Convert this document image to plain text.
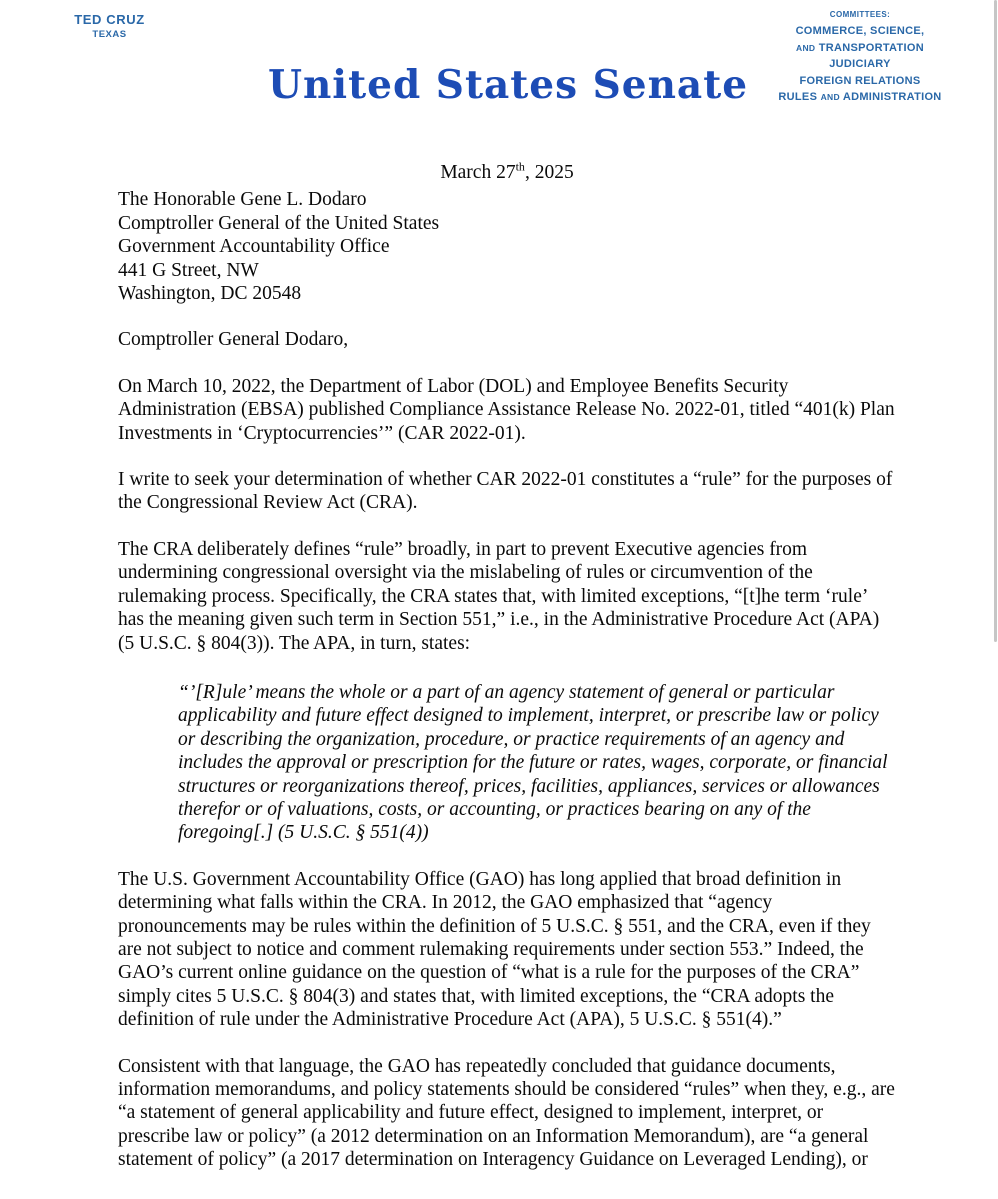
TED CRUZ
TEXAS
COMMITTEES:
COMMERCE, SCIENCE,
AND TRANSPORTATION
JUDICIARY
FOREIGN RELATIONS
RULES AND ADMINISTRATION
United States Senate
March 27th, 2025
The Honorable Gene L. Dodaro
Comptroller General of the United States
Government Accountability Office
441 G Street, NW
Washington, DC 20548
Comptroller General Dodaro,

On March 10, 2022, the Department of Labor (DOL) and Employee Benefits Security Administration (EBSA) published Compliance Assistance Release No. 2022-01, titled “401(k) Plan Investments in ‘Cryptocurrencies’” (CAR 2022-01).

I write to seek your determination of whether CAR 2022-01 constitutes a “rule” for the purposes of the Congressional Review Act (CRA).

The CRA deliberately defines “rule” broadly, in part to prevent Executive agencies from undermining congressional oversight via the mislabeling of rules or circumvention of the rulemaking process. Specifically, the CRA states that, with limited exceptions, “[t]he term ‘rule’ has the meaning given such term in Section 551,” i.e., in the Administrative Procedure Act (APA) (5 U.S.C. § 804(3)). The APA, in turn, states:

“’[R]ule’ means the whole or a part of an agency statement of general or particular applicability and future effect designed to implement, interpret, or prescribe law or policy or describing the organization, procedure, or practice requirements of an agency and includes the approval or prescription for the future or rates, wages, corporate, or financial structures or reorganizations thereof, prices, facilities, appliances, services or allowances therefor or of valuations, costs, or accounting, or practices bearing on any of the foregoing[.] (5 U.S.C. § 551(4))

The U.S. Government Accountability Office (GAO) has long applied that broad definition in determining what falls within the CRA. In 2012, the GAO emphasized that “agency pronouncements may be rules within the definition of 5 U.S.C. § 551, and the CRA, even if they are not subject to notice and comment rulemaking requirements under section 553.” Indeed, the GAO’s current online guidance on the question of “what is a rule for the purposes of the CRA” simply cites 5 U.S.C. § 804(3) and states that, with limited exceptions, the “CRA adopts the definition of rule under the Administrative Procedure Act (APA), 5 U.S.C. § 551(4).”

Consistent with that language, the GAO has repeatedly concluded that guidance documents, information memorandums, and policy statements should be considered “rules” when they, e.g., are “a statement of general applicability and future effect, designed to implement, interpret, or prescribe law or policy” (a 2012 determination on an Information Memorandum), are “a general statement of policy” (a 2017 determination on Interagency Guidance on Leveraged Lending), or
